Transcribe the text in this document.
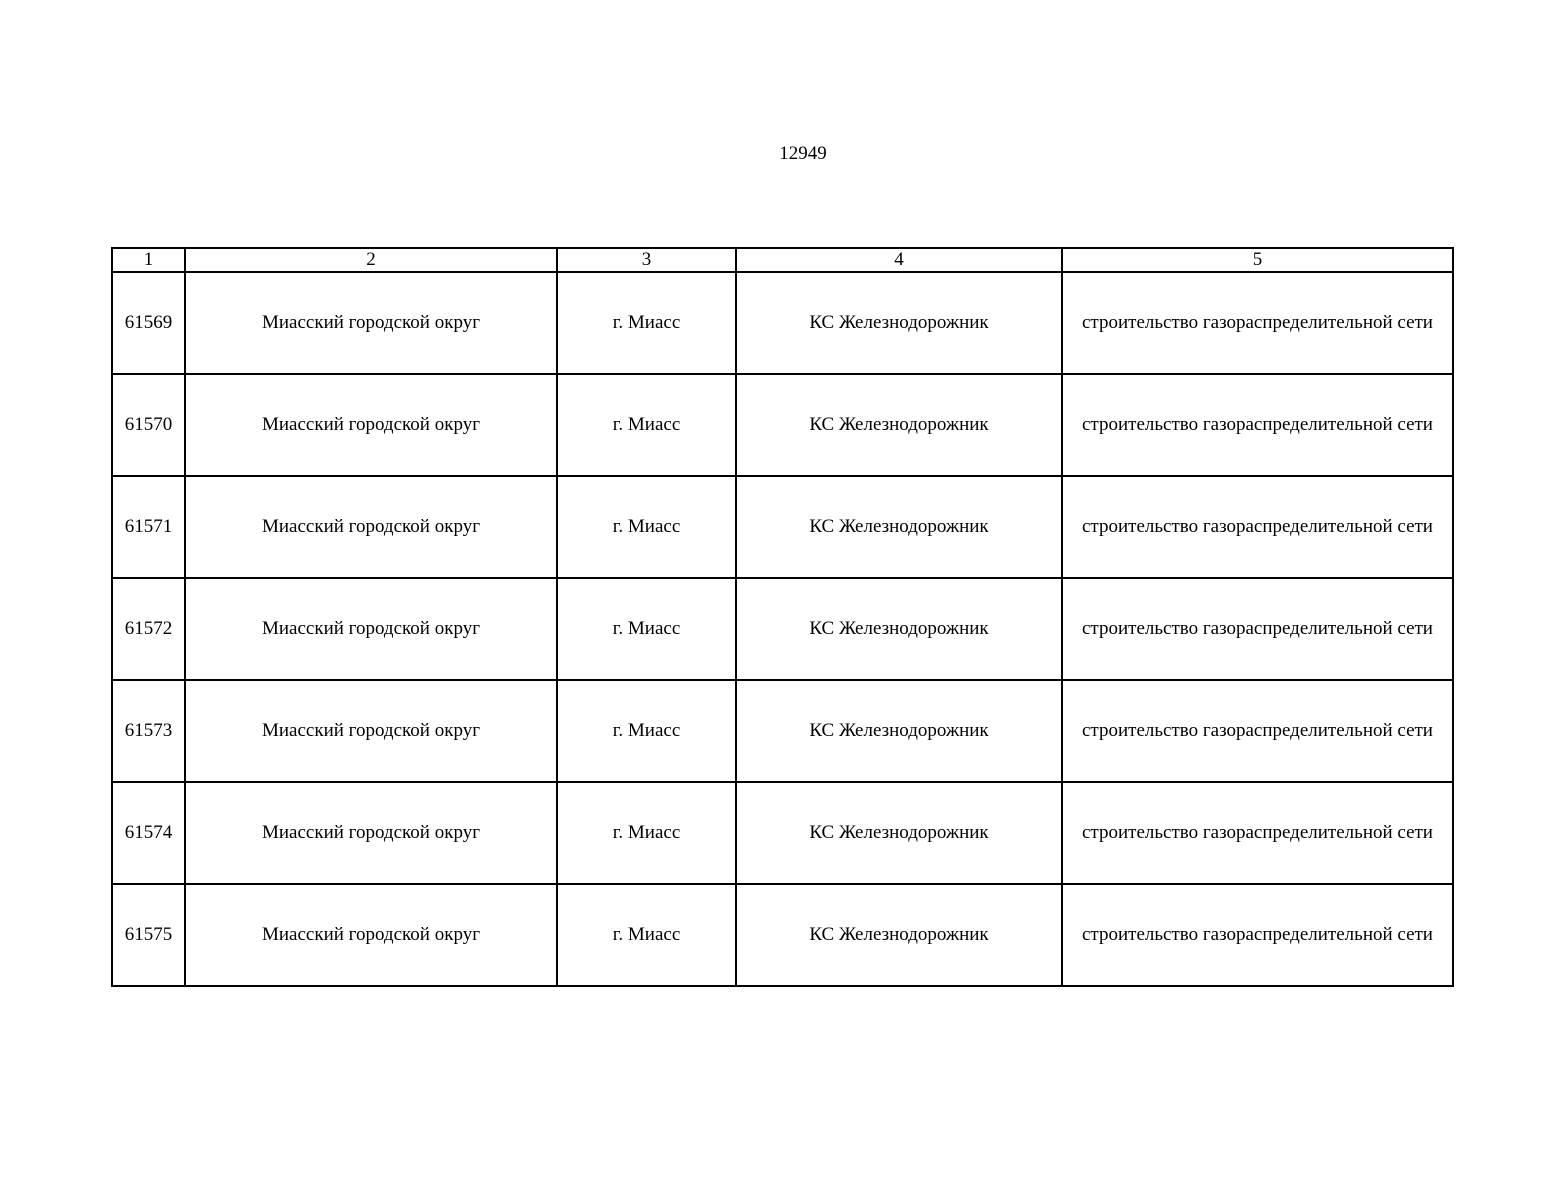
12949
1	2	3	4	5
61569	Миасский городской округ	г. Миасс	КС Железнодорожник	строительство газораспределительной сети
61570	Миасский городской округ	г. Миасс	КС Железнодорожник	строительство газораспределительной сети
61571	Миасский городской округ	г. Миасс	КС Железнодорожник	строительство газораспределительной сети
61572	Миасский городской округ	г. Миасс	КС Железнодорожник	строительство газораспределительной сети
61573	Миасский городской округ	г. Миасс	КС Железнодорожник	строительство газораспределительной сети
61574	Миасский городской округ	г. Миасс	КС Железнодорожник	строительство газораспределительной сети
61575	Миасский городской округ	г. Миасс	КС Железнодорожник	строительство газораспределительной сети
